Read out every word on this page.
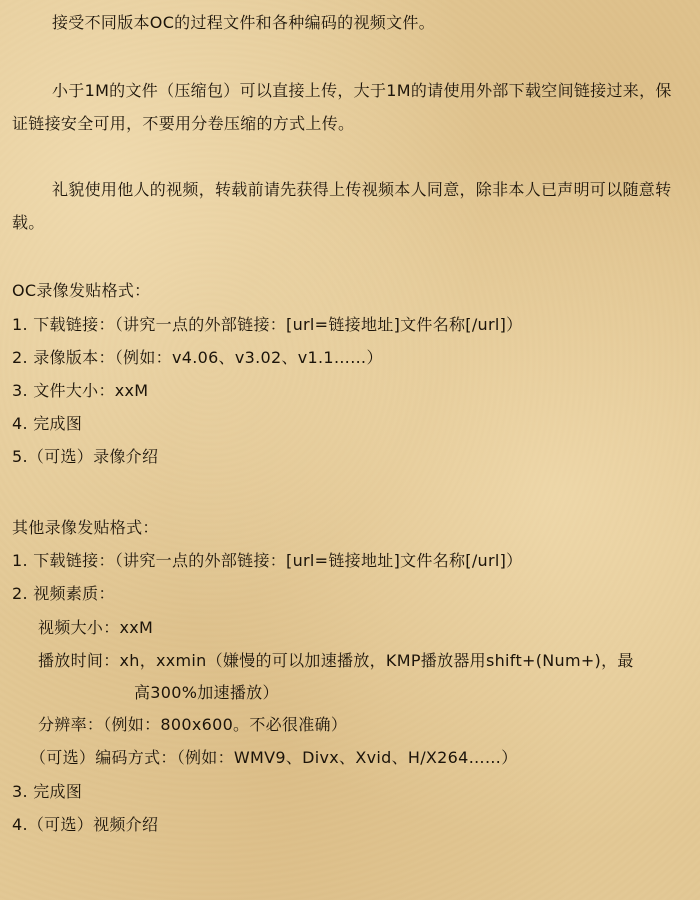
接受不同版本OC的过程文件和各种编码的视频文件。
小于1M的文件（压缩包）可以直接上传，大于1M的请使用外部下载空间链接过来，保证链接安全可用，不要用分卷压缩的方式上传。
礼貌使用他人的视频，转载前请先获得上传视频本人同意，除非本人已声明可以随意转载。
OC录像发贴格式：
1. 下载链接：（讲究一点的外部链接：[url=链接地址]文件名称[/url]）
2. 录像版本：（例如：v4.06、v3.02、v1.1……）
3. 文件大小：xxM
4. 完成图
5.（可选）录像介绍
其他录像发贴格式：
1. 下载链接：（讲究一点的外部链接：[url=链接地址]文件名称[/url]）
2. 视频素质：
视频大小：xxM
播放时间：xh，xxmin（嫌慢的可以加速播放，KMP播放器用shift+(Num+)，最
高300%加速播放）
分辨率：（例如：800x600。不必很准确）
（可选）编码方式：（例如：WMV9、Divx、Xvid、H/X264……）
3. 完成图
4.（可选）视频介绍
